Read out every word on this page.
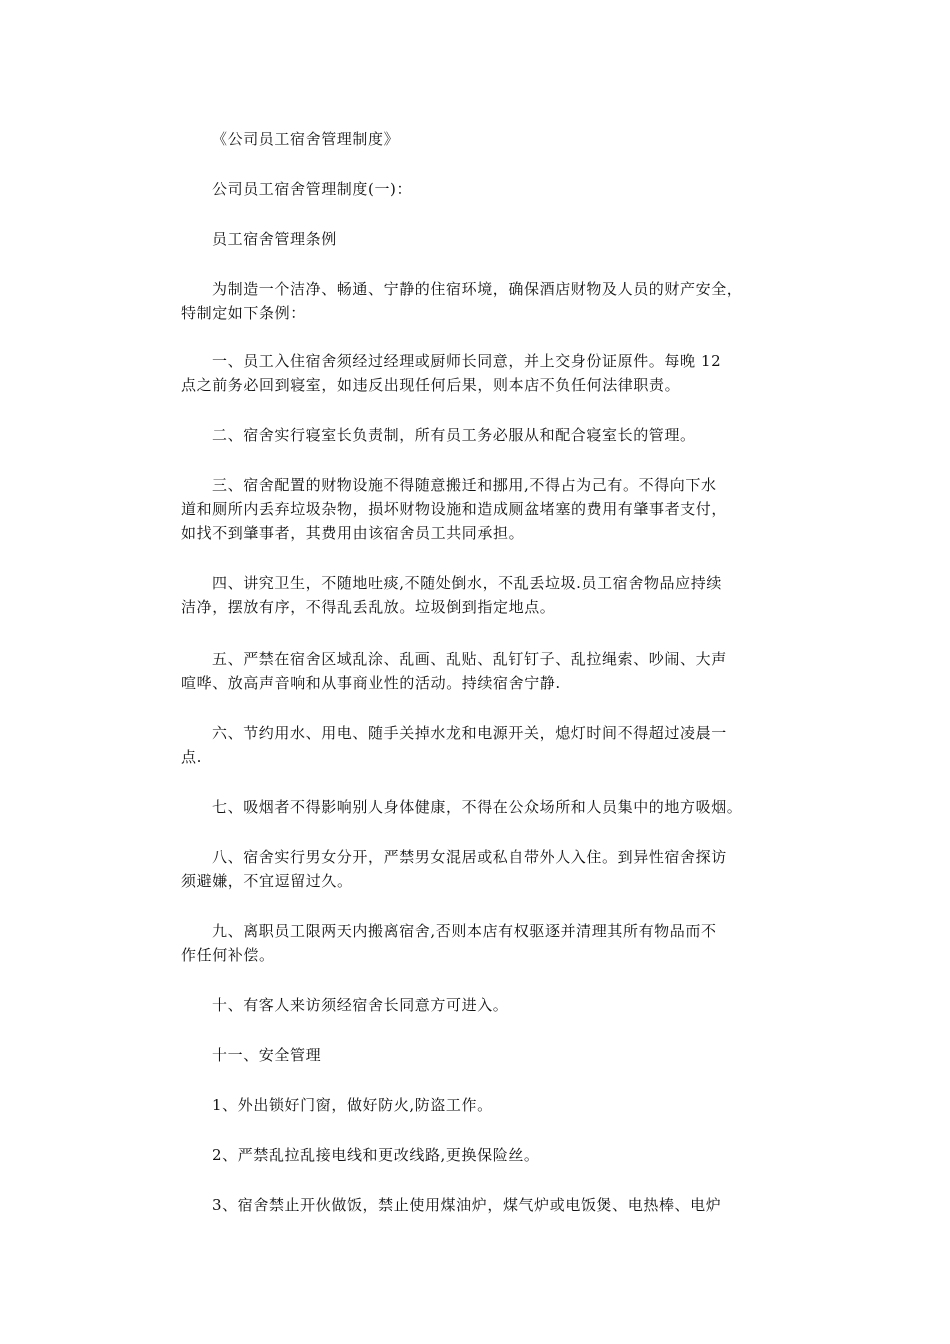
《公司员工宿舍管理制度》

公司员工宿舍管理制度(一)：

员工宿舍管理条例

为制造一个洁净、畅通、宁静的住宿环境，确保酒店财物及人员的财产安全，
特制定如下条例：

一、员工入住宿舍须经过经理或厨师长同意，并上交身份证原件。每晚 12
点之前务必回到寝室，如违反出现任何后果，则本店不负任何法律职责。

二、宿舍实行寝室长负责制，所有员工务必服从和配合寝室长的管理。

三、宿舍配置的财物设施不得随意搬迁和挪用,不得占为己有。不得向下水
道和厕所内丢弃垃圾杂物，损坏财物设施和造成厕盆堵塞的费用有肇事者支付，
如找不到肇事者，其费用由该宿舍员工共同承担。

四、讲究卫生，不随地吐痰,不随处倒水，不乱丢垃圾.员工宿舍物品应持续
洁净，摆放有序，不得乱丢乱放。垃圾倒到指定地点。

五、严禁在宿舍区域乱涂、乱画、乱贴、乱钉钉子、乱拉绳索、吵闹、大声
喧哗、放高声音响和从事商业性的活动。持续宿舍宁静.

六、节约用水、用电、随手关掉水龙和电源开关，熄灯时间不得超过凌晨一
点.

七、吸烟者不得影响别人身体健康，不得在公众场所和人员集中的地方吸烟。

八、宿舍实行男女分开，严禁男女混居或私自带外人入住。到异性宿舍探访
须避嫌，不宜逗留过久。

九、离职员工限两天内搬离宿舍,否则本店有权驱逐并清理其所有物品而不
作任何补偿。

十、有客人来访须经宿舍长同意方可进入。

十一、安全管理

1、外出锁好门窗，做好防火,防盗工作。

2、严禁乱拉乱接电线和更改线路,更换保险丝。

3、宿舍禁止开伙做饭，禁止使用煤油炉，煤气炉或电饭煲、电热棒、电炉
